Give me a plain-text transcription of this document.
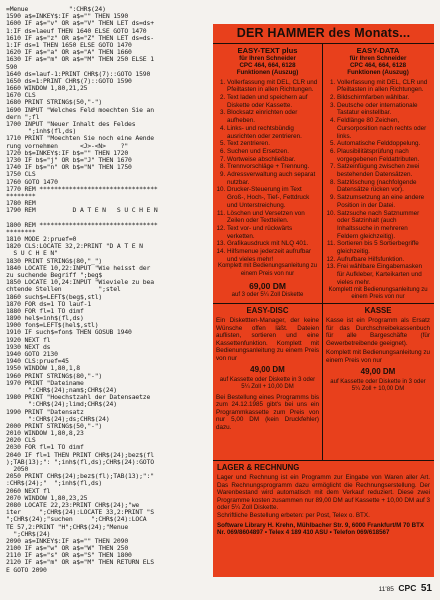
=Menue           ":CHR$(24)
1590 a$=INKEY$:IF a$="" THEN 1590
1600 IF a$="v" OR a$="V" THEN LET ds=ds+
1:IF ds=laeuf THEN 1640 ELSE GOTO 1470
1610 IF a$="z" OR a$="Z" THEN LET ds=ds-
1:IF ds=1 THEN 1650 ELSE GOTO 1470
1620 IF a$="a" OR a$="A" THEN 1660
1630 IF a$="m" OR a$="M" THEN 250 ELSE 1
590
1640 ds=lauf-1:PRINT CHR$(7)::GOTO 1590
1650 ds=1:PRINT CHR$(7)::GOTO 1590
1660 WINDOW 1,80,21,25
1670 CLS
1680 PRINT STRING$(50,"-")
1690 INPUT "Welches Feld moechten Sie an
dern ";fl
1700 INPUT "Neuer Inhalt des Feldes
";inh$(fl,ds)
1710 PRINT "Moechten Sie noch eine Aende
rung vornehmen      <J>-<N>    ?"
1720 b$=INKEY$:IF b$="" THEN 1720
1730 IF b$="j" OR b$="J" THEN 1670
1740 IF b$="n" OR b$="N" THEN 1750
1750 CLS
1760 GOTO 1470
1770 REM ********************************
********
1780 REM
1790 REM          D A T E N   S U C H E N

1800 REM ********************************
********
1810 MODE 2:pruef=0
1820 CLS:LOCATE 32,2:PRINT "D A T E N
S U C H E N"
1830 PRINT STRING$(80,"_")
1840 LOCATE 10,22:INPUT "Wie heisst der
zu suchende Begriff ";beg$
1850 LOCATE 10,24:INPUT "Wieviele zu bea
chtende Stellen          ";stel
1860 such$=LEFT$(beg$,stl)
1870 FOR ds=1 TO lauf-1
1880 FOR fl=1 TO dimf
1890 hel$=inh$(fl,ds)
1900 fon$=LEFT$(hel$,stl)
1910 IF such$=fon$ THEN GOSUB 1940
1920 NEXT fl
1930 NEXT ds
1940 GOTO 2130
1940 CLS:pruef=45
1950 WINDOW 1,80,1,8
1960 PRINT STRING$(80,"-")
1970 PRINT "Dateiname
":CHR$(24);nam$;CHR$(24)
1980 PRINT "Hoechstzahl der Datensaetze
":CHR$(24);limd;CHR$(24)
1990 PRINT "Datensatz
":CHR$(24);ds;CHR$(24)
2000 PRINT STRING$(50,"-")
2010 WINDOW 1,80,8,23
2020 CLS
2030 FOR fl=1 TO dimf
2040 IF fl=1 THEN PRINT CHR$(24);bez$(fl
);TAB(13);": ";inh$(fl,ds);CHR$(24):GOTO
2050
2050 PRINT CHR$(24);bez$(fl);TAB(13);":"
:CHR$(24);"  ";inh$(fl,ds)
2060 NEXT fl
2070 WINDOW 1,80,23,25
2080 LOCATE 22,23:PRINT CHR$(24);"we
iter     ";CHR$(24):LOCATE 33,2:PRINT "S
";CHR$(24);"suchen     ";CHR$(24):LOCA
TE 57,2:PRINT "H";CHR$(24);"Menue
";CHR$(24)
2090 a$=INKEY$:IF a$="" THEN 2090
2100 IF a$="w" OR a$="W" THEN 250
2110 IF a$="s" OR a$="S" THEN 1800
2120 IF a$="m" OR a$="M" THEN RETURN ELS
E GOTO 2090

DER HAMMER des Monats...
EASY-TEXT plus
für Ihren Schneider
CPC 464, 664, 6128
Funktionen (Auszug)
1. Vollerfassung mit DEL, CLR und Pfeiltasten in allen Richtungen.
2. Text laden und speichern auf Diskette oder Kassette.
3. Blocksatz einrichten oder aufheben.
4. Links- und rechtsbündig ausrichten oder zentrieren.
5. Text zentrieren.
6. Suchen und Ersetzen.
7. Wortweise abschließbar.
8. Trennvorschläge + Trennung.
9. Adressverwaltung auch separat nutzbar.
10. Drucker-Steuerung im Text Groß-, Hoch-, Tief-, Fettdruck und Unterstreichung.
11. Löschen und Versetzen von Zeilen oder Textteilen.
12. Text vor- und rückwärts verketten.
13. Grafikausdruck mit NLQ 401.
14. Hilfsmenue jederzeit aufrufbar und vieles mehr!
Komplett mit Bedienungsanleitung zu einem Preis von nur
69,00 DM
auf 3 oder 5¼ Zoll Diskette
EASY-DATA
für Ihren Schneider
CPC 464, 664, 6128
Funktionen (Auszug)
1. Vollerfassung mit DEL, CLR und Pfeiltasten in allen Richtungen.
2. Bildschirmfarben wählbar.
3. Deutsche oder internationale Tastatur einstellbar.
4. Feldlänge 80 Zeichen, Cursorposition nach rechts oder links.
5. Automatische Felddoppelung.
6. Plausibilitätsprüfung nach vorgegebenen Feldattributen.
7. Satzeinfügung zwischen zwei bestehenden Datensätzen.
8. Satzlöschung (nachfolgende Datensätze rücken vor).
9. Satzumsetzung an eine andere Position in der Datei.
10. Satzsuche nach Satznummer oder Satzinhalt (auch Inhaltssuche in mehreren Feldern gleichzeitig).
11. Sortieren bis 5 Sortierbegriffe gleichzeitig.
12. Aufrufbare Hilfsfunktion.
13. Frei wählbare Eingabemasken für Aufkleber, Karteikarten und vieles mehr.
Komplett mit Bedienungsanleitung zu einem Preis von nur
EASY-DISC
Ein Diskettten-Manager, der keine Wünsche offen läßt. Dateien auflisten, sortieren und eine Kassettenfunktion. Komplett mit Bedienungsanleitung zu einem Preis von nur
49,00 DM
auf Kassette oder Diskette in 3 oder 5¼ Zoll + 10,00 DM
Bei Bestellung eines Programms bis zum 24.12.1985 gibt's bei uns ein Programmkassette zum Preis von nur 5,00 DM (kein Druckfehler) dazu.
KASSE
Kasse ist ein Programm als Ersatz für das Durchschreibekassenbuch für alle Bargeschäfte (für Gewerbetreibende geeignet).
Komplett mit Bedienungsanleitung zu einem Preis von nur
49,00 DM
auf Kassette oder Diskette in 3 oder 5¼ Zoll + 10,00 DM
LAGER & RECHNUNG
Lager und Rechnung ist ein Programm zur Eingabe von Waren aller Art. Das Rechnungsprogramm dazu ermöglicht die Rechnungserstellung. Der Warenbestand wird automatisch mit dem Verkauf reduziert. Diese zwei Programme kosten zusammen nur 89,00 DM auf Kassette + 10,00 DM auf 3 oder 5¼ Zoll Diskette.
Schriftliche Bestellung erbeten: per Post, Telex o. BTX.
Software Library H. Krehn, Mühlbacher Str. 9, 6000 Frankfurt/M 70 BTX Nr. 069/8604897 • Telex 4 189 410 ASU • Telefon 069/618567
11'85 CPC 51
